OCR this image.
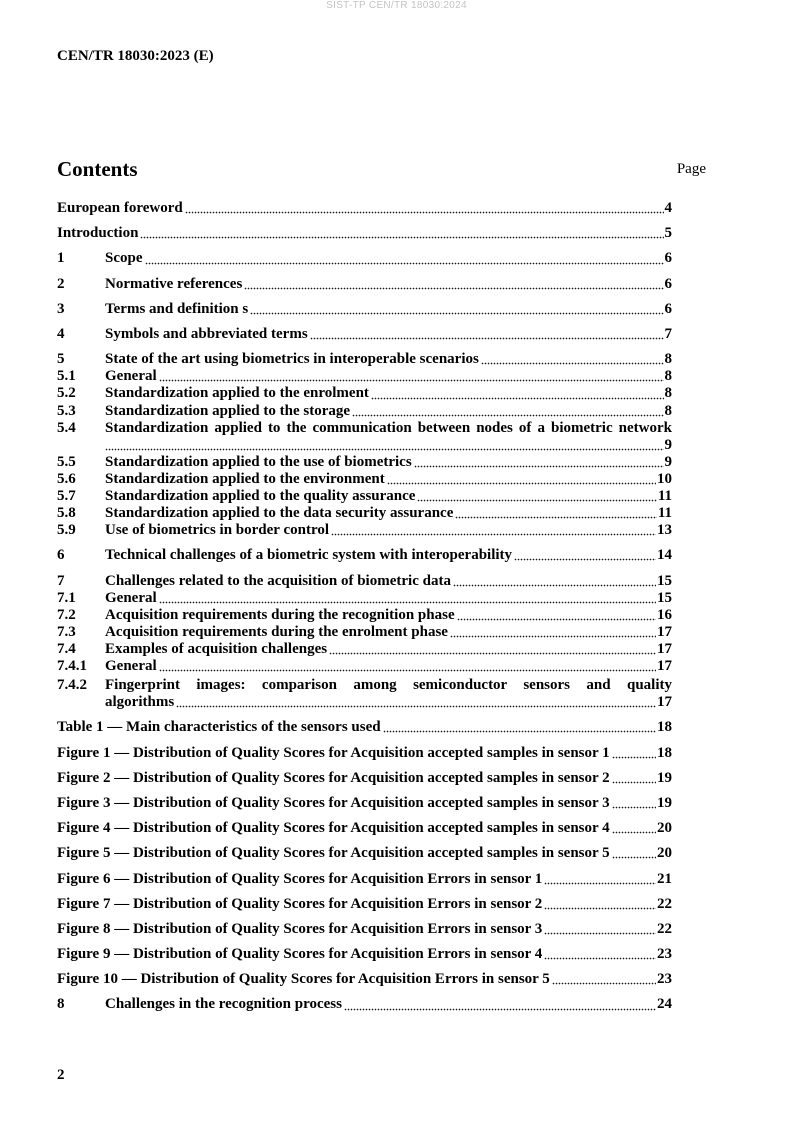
SIST-TP CEN/TR 18030:2024
CEN/TR 18030:2023 (E)
Contents	Page
European foreword	4
Introduction	5
1	Scope	6
2	Normative references	6
3	Terms and definition s	6
4	Symbols and abbreviated terms	7
5	State of the art using biometrics in interoperable scenarios	8
5.1	General	8
5.2	Standardization applied to the enrolment	8
5.3	Standardization applied to the storage	8
5.4	Standardization applied to the communication between nodes of a biometric network
9
5.5	Standardization applied to the use of biometrics	9
5.6	Standardization applied to the environment	10
5.7	Standardization applied to the quality assurance	11
5.8	Standardization applied to the data security assurance	11
5.9	Use of biometrics in border control	13
6	Technical challenges of a biometric system with interoperability	14
7	Challenges related to the acquisition of biometric data	15
7.1	General	15
7.2	Acquisition requirements during the recognition phase	16
7.3	Acquisition requirements during the enrolment phase	17
7.4	Examples of acquisition challenges	17
7.4.1	General	17
7.4.2	Fingerprint images: comparison among semiconductor sensors and quality
algorithms	17
Table 1 — Main characteristics of the sensors used	18
Figure 1 — Distribution of Quality Scores for Acquisition accepted samples in sensor 1	18
Figure 2 — Distribution of Quality Scores for Acquisition accepted samples in sensor 2	19
Figure 3 — Distribution of Quality Scores for Acquisition accepted samples in sensor 3	19
Figure 4 — Distribution of Quality Scores for Acquisition accepted samples in sensor 4	20
Figure 5 — Distribution of Quality Scores for Acquisition accepted samples in sensor 5	20
Figure 6 — Distribution of Quality Scores for Acquisition Errors in sensor 1	21
Figure 7 — Distribution of Quality Scores for Acquisition Errors in sensor 2	22
Figure 8 — Distribution of Quality Scores for Acquisition Errors in sensor 3	22
Figure 9 — Distribution of Quality Scores for Acquisition Errors in sensor 4	23
Figure 10 — Distribution of Quality Scores for Acquisition Errors in sensor 5	23
8	Challenges in the recognition process	24
2
